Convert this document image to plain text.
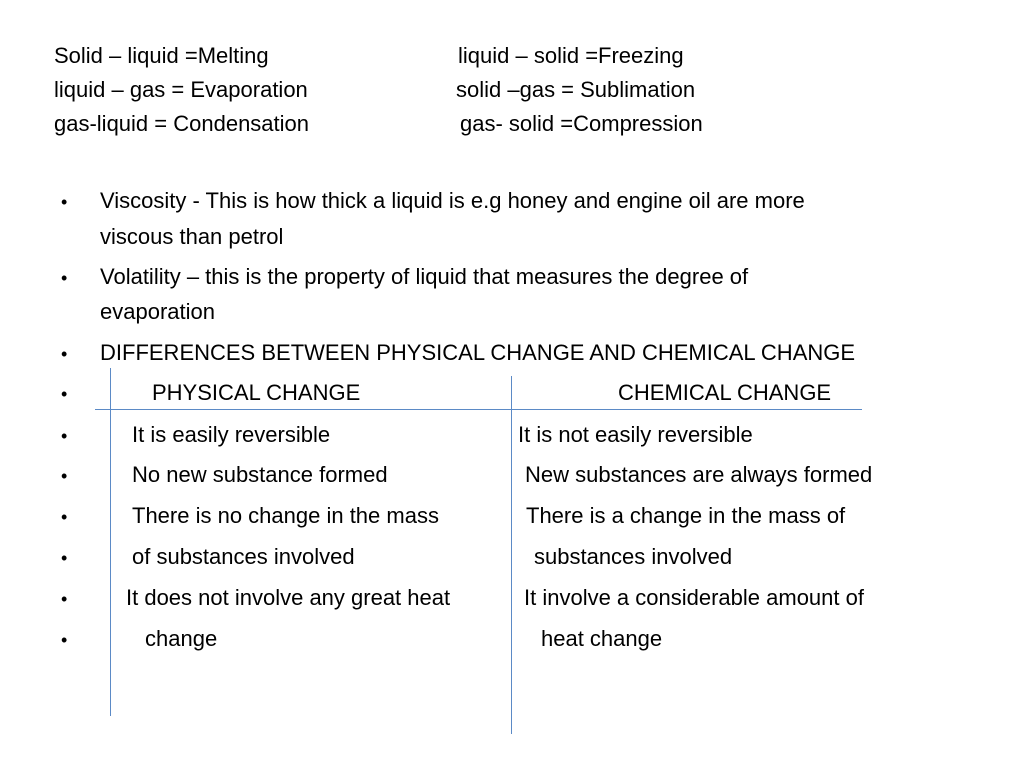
Solid – liquid =Melting	liquid – solid =Freezing
liquid – gas = Evaporation	solid –gas = Sublimation
gas-liquid = Condensation	gas- solid =Compression
• Viscosity - This is how thick a liquid is e.g honey and engine oil are more
viscous than petrol
• Volatility – this is the property of liquid that measures the degree of
evaporation
• DIFFERENCES BETWEEN PHYSICAL CHANGE AND CHEMICAL CHANGE
•	PHYSICAL CHANGE	CHEMICAL CHANGE
•	It is easily reversible	It is not easily reversible
•	No new substance formed	New substances are always formed
•	There is no change in the mass	There is a change in the mass of
•	of substances involved	substances involved
•	It does not involve any great heat	It involve a considerable amount of
•	change	heat change
